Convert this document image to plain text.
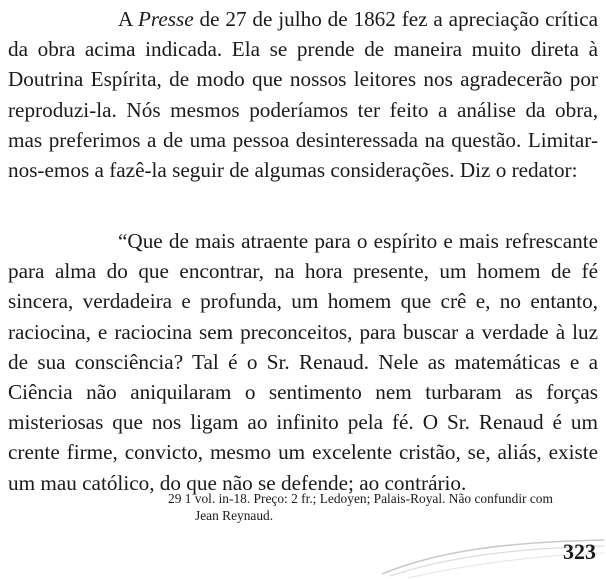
A Presse de 27 de julho de 1862 fez a apreciação crítica da obra acima indicada. Ela se prende de maneira muito direta à Doutrina Espírita, de modo que nossos leitores nos agradecerão por reproduzi-la. Nós mesmos poderíamos ter feito a análise da obra, mas preferimos a de uma pessoa desinteressada na questão. Limitar-nos-emos a fazê-la seguir de algumas considerações. Diz o redator:

“Que de mais atraente para o espírito e mais refrescante para alma do que encontrar, na hora presente, um homem de fé sincera, verdadeira e profunda, um homem que crê e, no entanto, raciocina, e raciocina sem preconceitos, para buscar a verdade à luz de sua consciência? Tal é o Sr. Renaud. Nele as matemáticas e a Ciência não aniquilaram o sentimento nem turbaram as forças misteriosas que nos ligam ao infinito pela fé. O Sr. Renaud é um crente firme, convicto, mesmo um excelente cristão, se, aliás, existe um mau católico, do que não se defende; ao contrário.

29 1 vol. in-18. Preço: 2 fr.; Ledoyen; Palais-Royal. Não confundir com
Jean Reynaud.

323
